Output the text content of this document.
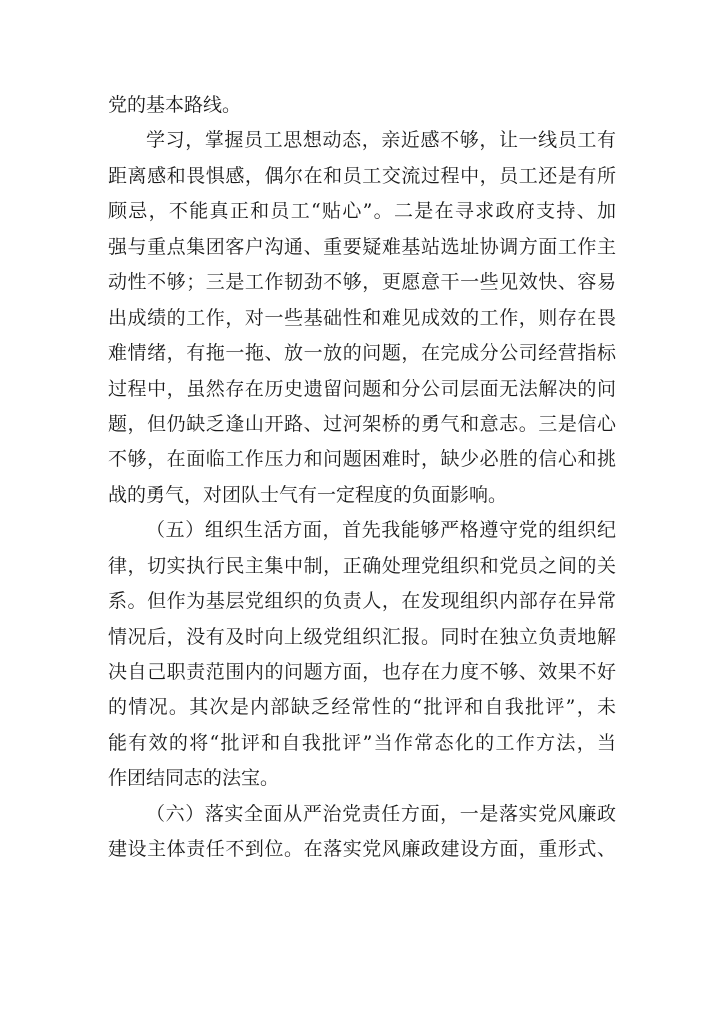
党的基本路线。
学习，掌握员工思想动态，亲近感不够，让一线员工有
距离感和畏惧感，偶尔在和员工交流过程中，员工还是有所
顾忌，不能真正和员工“贴心”。二是在寻求政府支持、加
强与重点集团客户沟通、重要疑难基站选址协调方面工作主
动性不够；三是工作韧劲不够，更愿意干一些见效快、容易
出成绩的工作，对一些基础性和难见成效的工作，则存在畏
难情绪，有拖一拖、放一放的问题，在完成分公司经营指标
过程中，虽然存在历史遗留问题和分公司层面无法解决的问
题，但仍缺乏逢山开路、过河架桥的勇气和意志。三是信心
不够，在面临工作压力和问题困难时，缺少必胜的信心和挑
战的勇气，对团队士气有一定程度的负面影响。
（五）组织生活方面，首先我能够严格遵守党的组织纪
律，切实执行民主集中制，正确处理党组织和党员之间的关
系。但作为基层党组织的负责人，在发现组织内部存在异常
情况后，没有及时向上级党组织汇报。同时在独立负责地解
决自己职责范围内的问题方面，也存在力度不够、效果不好
的情况。其次是内部缺乏经常性的“批评和自我批评”，未
能有效的将“批评和自我批评”当作常态化的工作方法，当
作团结同志的法宝。
（六）落实全面从严治党责任方面，一是落实党风廉政
建设主体责任不到位。在落实党风廉政建设方面，重形式、
